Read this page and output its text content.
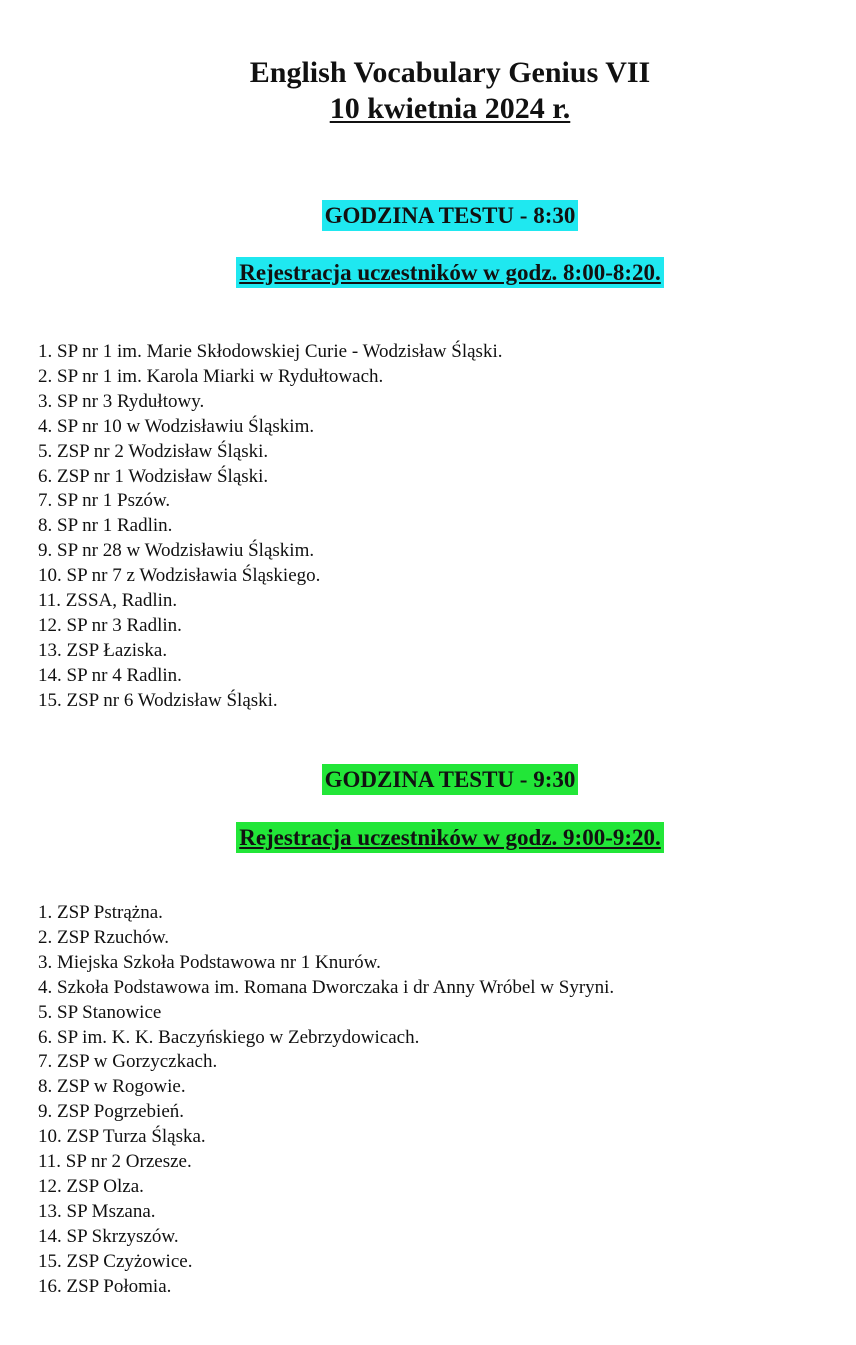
English Vocabulary Genius VII
10 kwietnia 2024 r.
GODZINA TESTU - 8:30
Rejestracja uczestników w godz. 8:00-8:20.
1. SP nr 1 im. Marie Skłodowskiej Curie - Wodzisław Śląski.
2. SP nr 1 im. Karola Miarki w Rydułtowach.
3. SP nr 3 Rydułtowy.
4. SP nr 10 w Wodzisławiu Śląskim.
5. ZSP nr 2 Wodzisław Śląski.
6. ZSP nr 1 Wodzisław Śląski.
7. SP nr 1 Pszów.
8. SP nr 1 Radlin.
9. SP nr 28 w Wodzisławiu Śląskim.
10. SP nr 7 z Wodzisławia Śląskiego.
11. ZSSA, Radlin.
12. SP nr 3 Radlin.
13. ZSP Łaziska.
14. SP nr 4 Radlin.
15. ZSP nr 6 Wodzisław Śląski.
GODZINA TESTU - 9:30
Rejestracja uczestników w godz. 9:00-9:20.
1. ZSP Pstrążna.
2. ZSP Rzuchów.
3. Miejska Szkoła Podstawowa nr 1 Knurów.
4. Szkoła Podstawowa im. Romana Dworczaka i dr Anny Wróbel w Syryni.
5. SP Stanowice
6. SP im. K. K. Baczyńskiego w Zebrzydowicach.
7. ZSP w Gorzyczkach.
8. ZSP w Rogowie.
9. ZSP Pogrzebień.
10. ZSP Turza Śląska.
11. SP nr 2 Orzesze.
12. ZSP Olza.
13. SP Mszana.
14. SP Skrzyszów.
15. ZSP Czyżowice.
16. ZSP Połomia.
